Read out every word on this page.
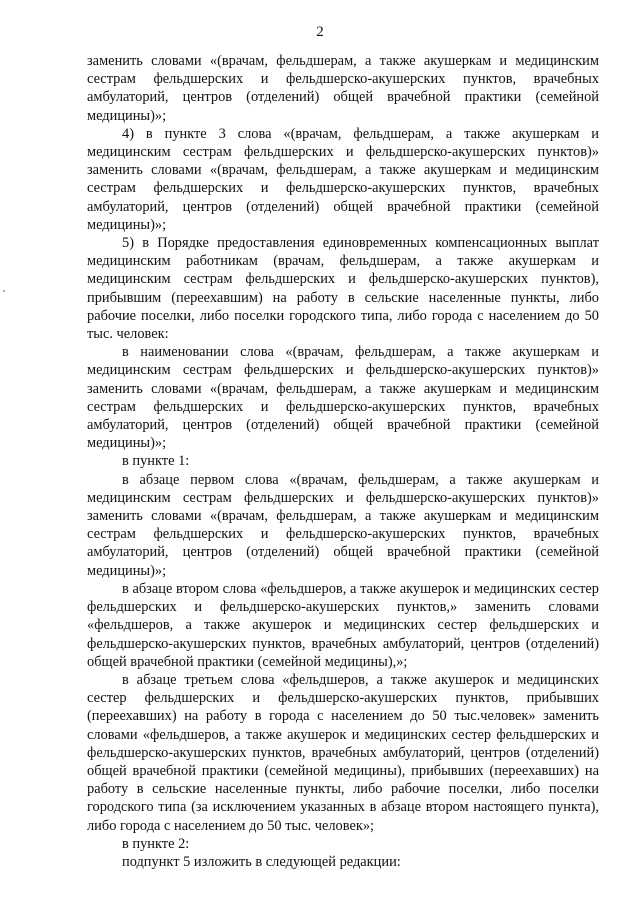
2

заменить словами «(врачам, фельдшерам, а также акушеркам и медицинским сестрам фельдшерских и фельдшерско-акушерских пунктов, врачебных амбулаторий, центров (отделений) общей врачебной практики (семейной медицины)»;

4) в пункте 3 слова «(врачам, фельдшерам, а также акушеркам и медицинским сестрам фельдшерских и фельдшерско-акушерских пунктов)» заменить словами «(врачам, фельдшерам, а также акушеркам и медицинским сестрам фельдшерских и фельдшерско-акушерских пунктов, врачебных амбулаторий, центров (отделений) общей врачебной практики (семейной медицины)»;

5) в Порядке предоставления единовременных компенсационных выплат медицинским работникам (врачам, фельдшерам, а также акушеркам и медицинским сестрам фельдшерских и фельдшерско-акушерских пунктов), прибывшим (переехавшим) на работу в сельские населенные пункты, либо рабочие поселки, либо поселки городского типа, либо города с населением до 50 тыс. человек:

в наименовании слова «(врачам, фельдшерам, а также акушеркам и медицинским сестрам фельдшерских и фельдшерско-акушерских пунктов)» заменить словами «(врачам, фельдшерам, а также акушеркам и медицинским сестрам фельдшерских и фельдшерско-акушерских пунктов, врачебных амбулаторий, центров (отделений) общей врачебной практики (семейной медицины)»;

в пункте 1:

в абзаце первом слова «(врачам, фельдшерам, а также акушеркам и медицинским сестрам фельдшерских и фельдшерско-акушерских пунктов)» заменить словами «(врачам, фельдшерам, а также акушеркам и медицинским сестрам фельдшерских и фельдшерско-акушерских пунктов, врачебных амбулаторий, центров (отделений) общей врачебной практики (семейной медицины)»;

в абзаце втором слова «фельдшеров, а также акушерок и медицинских сестер фельдшерских и фельдшерско-акушерских пунктов,» заменить словами «фельдшеров, а также акушерок и медицинских сестер фельдшерских и фельдшерско-акушерских пунктов, врачебных амбулаторий, центров (отделений) общей врачебной практики (семейной медицины),»;

в абзаце третьем слова «фельдшеров, а также акушерок и медицинских сестер фельдшерских и фельдшерско-акушерских пунктов, прибывших (переехавших) на работу в города с населением до 50 тыс.человек» заменить словами «фельдшеров, а также акушерок и медицинских сестер фельдшерских и фельдшерско-акушерских пунктов, врачебных амбулаторий, центров (отделений) общей врачебной практики (семейной медицины), прибывших (переехавших) на работу в сельские населенные пункты, либо рабочие поселки, либо поселки городского типа (за исключением указанных в абзаце втором настоящего пункта), либо города с населением до 50 тыс. человек»;

в пункте 2:

подпункт 5 изложить в следующей редакции:
